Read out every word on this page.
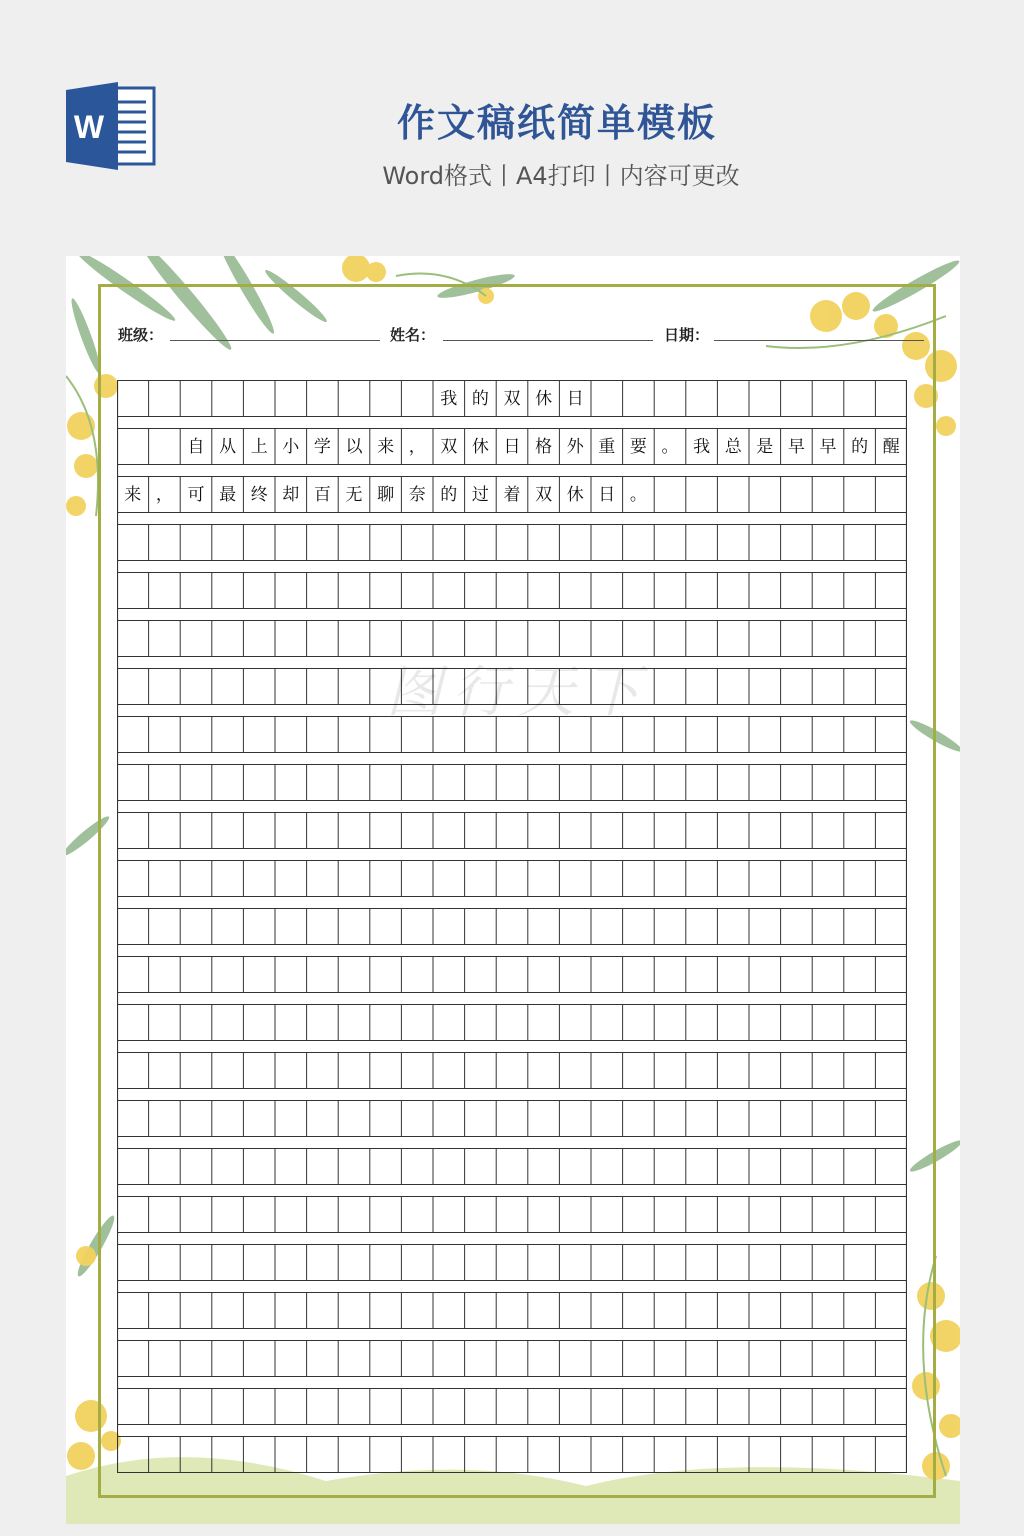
W	作文稿纸简单模板
Word格式丨A4打印丨内容可更改
班级：	姓名：	日期：
我 的 双 休 日
自 从 上 小 学 以 来 ， 双 休 日 格 外 重 要 。 我 总 是 早 早 的 醒
来 ， 可 最 终 却 百 无 聊 奈 的 过 着 双 休 日 。
图行天下
